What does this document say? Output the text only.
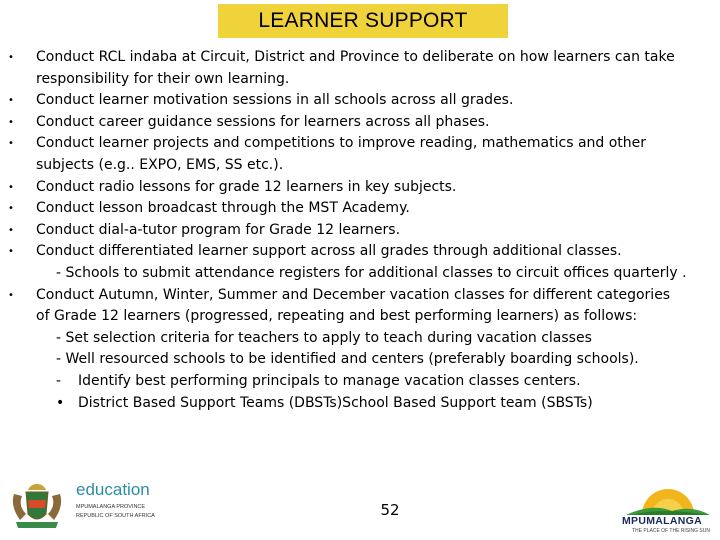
LEARNER SUPPORT
•	Conduct RCL indaba at Circuit, District and Province to deliberate on how learners can take
responsibility for their own learning.
•	Conduct learner motivation sessions in all schools across all grades.
•	Conduct career guidance sessions for learners across all phases.
•	Conduct learner projects and competitions to improve reading, mathematics and other
subjects (e.g.. EXPO, EMS, SS etc.).
•	Conduct radio lessons for grade 12 learners in key subjects.
•	Conduct lesson broadcast through the MST Academy.
•	Conduct dial-a-tutor program for Grade 12 learners.
•	Conduct differentiated learner support across all grades through additional classes.
- Schools to submit attendance registers for additional classes to circuit offices quarterly .
•	Conduct Autumn, Winter, Summer and December vacation classes for different categories
of Grade 12 learners (progressed, repeating and best performing learners) as follows:
- Set selection criteria for teachers to apply to teach during vacation classes
- Well resourced schools to be identified and centers (preferably boarding schools).
-	Identify best performing principals to manage vacation classes centers.
• District Based Support Teams (DBSTs)School Based Support team (SBSTs)
52
education
MPUMALANGA PROVINCE
REPUBLIC OF SOUTH AFRICA	MPUMALANGA
THE PLACE OF THE RISING SUN
